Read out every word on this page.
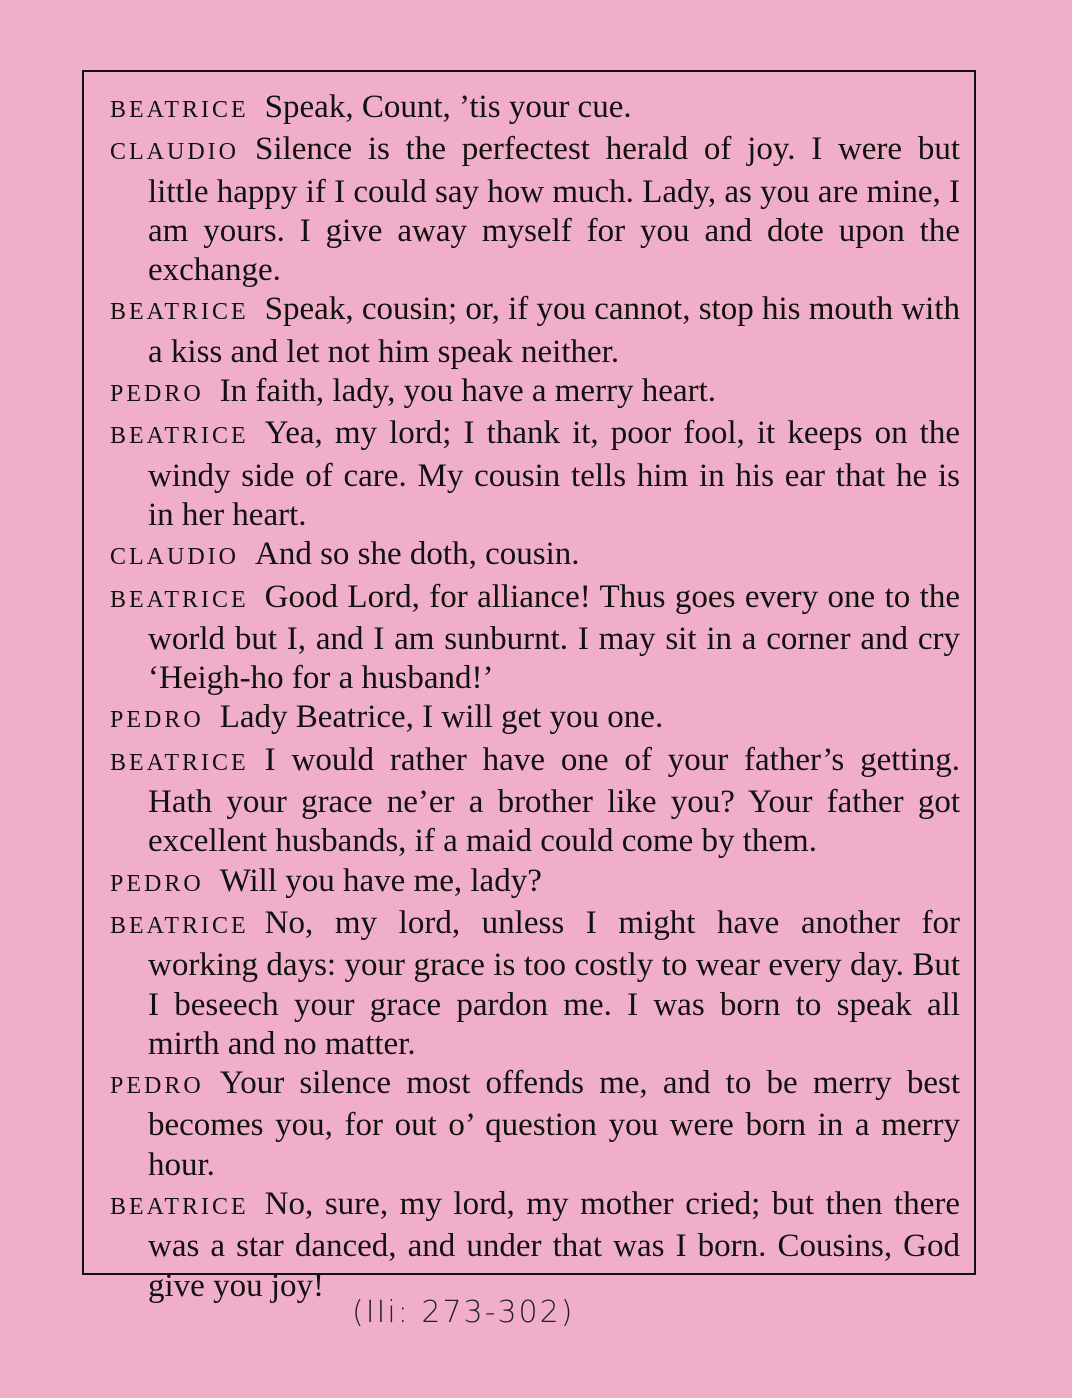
BEATRICE Speak, Count, ’tis your cue.

CLAUDIO Silence is the perfectest herald of joy. I were but little happy if I could say how much. Lady, as you are mine, I am yours. I give away myself for you and dote upon the exchange.

BEATRICE Speak, cousin; or, if you cannot, stop his mouth with a kiss and let not him speak neither.

PEDRO In faith, lady, you have a merry heart.

BEATRICE Yea, my lord; I thank it, poor fool, it keeps on the windy side of care. My cousin tells him in his ear that he is in her heart.

CLAUDIO And so she doth, cousin.

BEATRICE Good Lord, for alliance! Thus goes every one to the world but I, and I am sunburnt. I may sit in a corner and cry ‘Heigh-ho for a husband!’

PEDRO Lady Beatrice, I will get you one.

BEATRICE I would rather have one of your father’s getting. Hath your grace ne’er a brother like you? Your father got excellent husbands, if a maid could come by them.

PEDRO Will you have me, lady?

BEATRICE No, my lord, unless I might have another for working days: your grace is too costly to wear every day. But I beseech your grace pardon me. I was born to speak all mirth and no matter.

PEDRO Your silence most offends me, and to be merry best becomes you, for out o’ question you were born in a merry hour.

BEATRICE No, sure, my lord, my mother cried; but then there was a star danced, and under that was I born. Cousins, God give you joy!

(IIi: 273-302)
